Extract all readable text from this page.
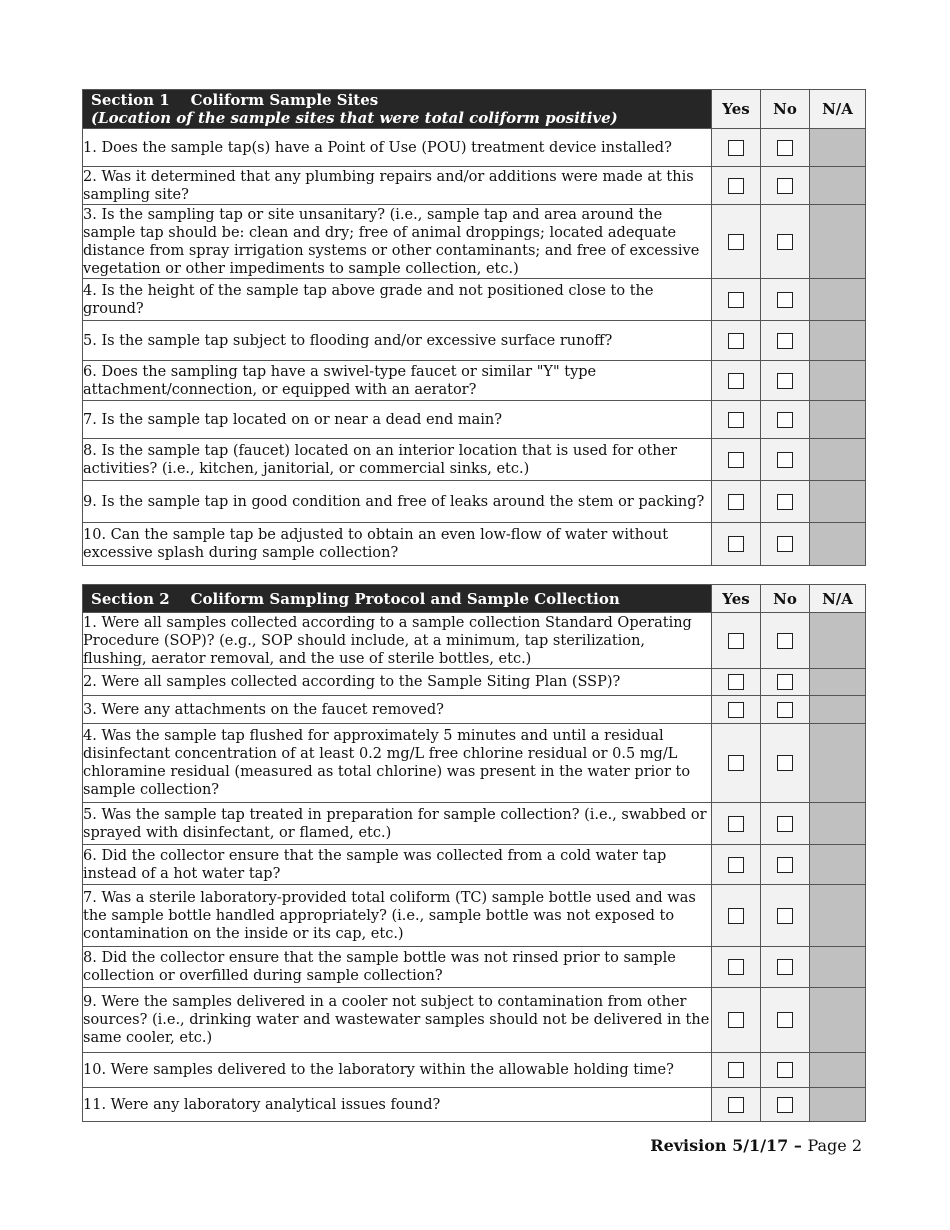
Section 1 Coliform Sample Sites
(Location of the sample sites that were total coliform positive)	Yes	No	N/A
1. Does the sample tap(s) have a Point of Use (POU) treatment device installed?			
2. Was it determined that any plumbing repairs and/or additions were made at this sampling site?			
3. Is the sampling tap or site unsanitary? (i.e., sample tap and area around the sample tap should be: clean and dry; free of animal droppings; located adequate distance from spray irrigation systems or other contaminants; and free of excessive vegetation or other impediments to sample collection, etc.)			
4. Is the height of the sample tap above grade and not positioned close to the ground?			
5. Is the sample tap subject to flooding and/or excessive surface runoff?			
6. Does the sampling tap have a swivel-type faucet or similar "Y" type attachment/connection, or equipped with an aerator?			
7. Is the sample tap located on or near a dead end main?			
8. Is the sample tap (faucet) located on an interior location that is used for other activities? (i.e., kitchen, janitorial, or commercial sinks, etc.)			
9. Is the sample tap in good condition and free of leaks around the stem or packing?			
10. Can the sample tap be adjusted to obtain an even low-flow of water without excessive splash during sample collection?			
Section 2 Coliform Sampling Protocol and Sample Collection	Yes	No	N/A
1. Were all samples collected according to a sample collection Standard Operating Procedure (SOP)? (e.g., SOP should include, at a minimum, tap sterilization, flushing, aerator removal, and the use of sterile bottles, etc.)			
2. Were all samples collected according to the Sample Siting Plan (SSP)?			
3. Were any attachments on the faucet removed?			
4. Was the sample tap flushed for approximately 5 minutes and until a residual disinfectant concentration of at least 0.2 mg/L free chlorine residual or 0.5 mg/L chloramine residual (measured as total chlorine) was present in the water prior to sample collection?			
5. Was the sample tap treated in preparation for sample collection? (i.e., swabbed or sprayed with disinfectant, or flamed, etc.)			
6. Did the collector ensure that the sample was collected from a cold water tap instead of a hot water tap?			
7. Was a sterile laboratory-provided total coliform (TC) sample bottle used and was the sample bottle handled appropriately? (i.e., sample bottle was not exposed to contamination on the inside or its cap, etc.)			
8. Did the collector ensure that the sample bottle was not rinsed prior to sample collection or overfilled during sample collection?			
9. Were the samples delivered in a cooler not subject to contamination from other sources? (i.e., drinking water and wastewater samples should not be delivered in the same cooler, etc.)			
10. Were samples delivered to the laboratory within the allowable holding time?			
11. Were any laboratory analytical issues found?			
Revision 5/1/17 – Page 2
